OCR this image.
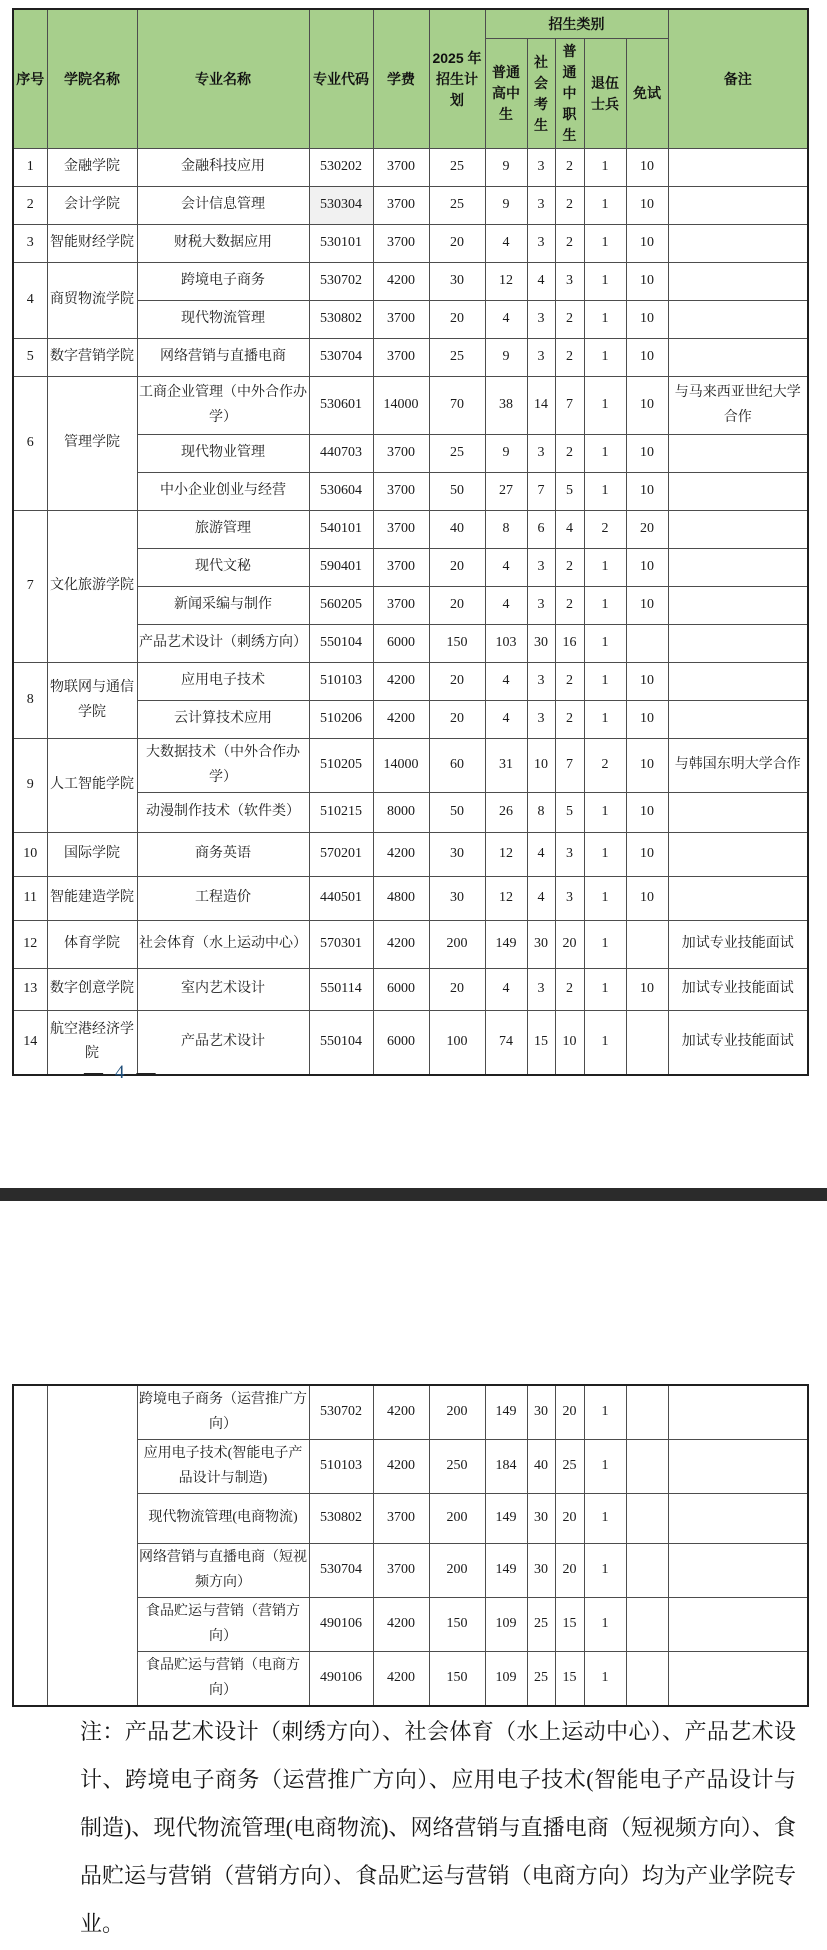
序号	学院名称	专业名称	专业代码	学费	2025 年招生计划	招生类别					备注
						普通高中生	社会考生	普通中职生	退伍士兵	免试	
1	金融学院	金融科技应用	530202	3700	25	9	3	2	1	10	
2	会计学院	会计信息管理	530304	3700	25	9	3	2	1	10	
3	智能财经学院	财税大数据应用	530101	3700	20	4	3	2	1	10	
4	商贸物流学院	跨境电子商务	530702	4200	30	12	4	3	1	10	
		现代物流管理	530802	3700	20	4	3	2	1	10	
5	数字营销学院	网络营销与直播电商	530704	3700	25	9	3	2	1	10	
6	管理学院	工商企业管理（中外合作办学）	530601	14000	70	38	14	7	1	10	与马来西亚世纪大学合作
		现代物业管理	440703	3700	25	9	3	2	1	10	
		中小企业创业与经营	530604	3700	50	27	7	5	1	10	
7	文化旅游学院	旅游管理	540101	3700	40	8	6	4	2	20	
		现代文秘	590401	3700	20	4	3	2	1	10	
		新闻采编与制作	560205	3700	20	4	3	2	1	10	
		产品艺术设计（刺绣方向）	550104	6000	150	103	30	16	1		
8	物联网与通信学院	应用电子技术	510103	4200	20	4	3	2	1	10	
		云计算技术应用	510206	4200	20	4	3	2	1	10	
9	人工智能学院	大数据技术（中外合作办学）	510205	14000	60	31	10	7	2	10	与韩国东明大学合作
		动漫制作技术（软件类）	510215	8000	50	26	8	5	1	10	
10	国际学院	商务英语	570201	4200	30	12	4	3	1	10	
11	智能建造学院	工程造价	440501	4800	30	12	4	3	1	10	
12	体育学院	社会体育（水上运动中心）	570301	4200	200	149	30	20	1		加试专业技能面试
13	数字创意学院	室内艺术设计	550114	6000	20	4	3	2	1	10	加试专业技能面试
14	航空港经济学院	产品艺术设计	550104	6000	100	74	15	10	1		加试专业技能面试
— 4 —
		跨境电子商务（运营推广方向）	530702	4200	200	149	30	20	1		
		应用电子技术(智能电子产品设计与制造)	510103	4200	250	184	40	25	1		
		现代物流管理(电商物流)	530802	3700	200	149	30	20	1		
		网络营销与直播电商（短视频方向）	530704	3700	200	149	30	20	1		
		食品贮运与营销（营销方向）	490106	4200	150	109	25	15	1		
		食品贮运与营销（电商方向）	490106	4200	150	109	25	15	1		
注：产品艺术设计（刺绣方向）、社会体育（水上运动中心）、产品艺术设计、跨境电子商务（运营推广方向）、应用电子技术(智能电子产品设计与制造)、现代物流管理(电商物流)、网络营销与直播电商（短视频方向）、食品贮运与营销（营销方向）、食品贮运与营销（电商方向）均为产业学院专业。
